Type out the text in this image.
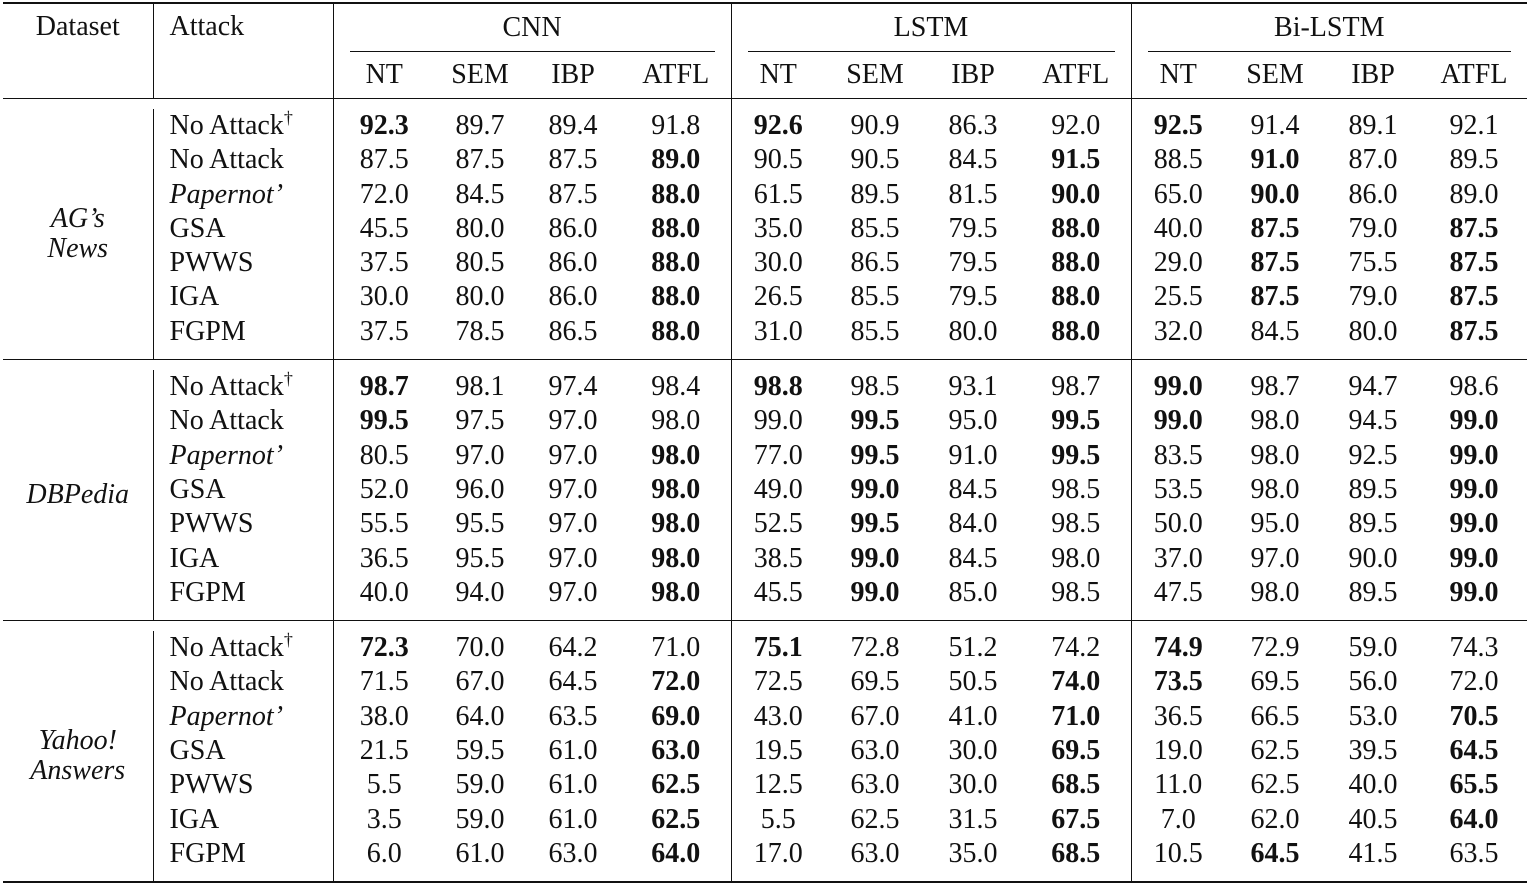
Dataset	Attack	CNN				LSTM				Bi-LSTM			

		NT	SEM	IBP	ATFL	NT	SEM	IBP	ATFL	NT	SEM	IBP	ATFL

AG’s
News	No Attack†	92.3	89.7	89.4	91.8	92.6	90.9	86.3	92.0	92.5	91.4	89.1	92.1
	No Attack	87.5	87.5	87.5	89.0	90.5	90.5	84.5	91.5	88.5	91.0	87.0	89.5
	Papernot’	72.0	84.5	87.5	88.0	61.5	89.5	81.5	90.0	65.0	90.0	86.0	89.0
	GSA	45.5	80.0	86.0	88.0	35.0	85.5	79.5	88.0	40.0	87.5	79.0	87.5
	PWWS	37.5	80.5	86.0	88.0	30.0	86.5	79.5	88.0	29.0	87.5	75.5	87.5
	IGA	30.0	80.0	86.0	88.0	26.5	85.5	79.5	88.0	25.5	87.5	79.0	87.5
	FGPM	37.5	78.5	86.5	88.0	31.0	85.5	80.0	88.0	32.0	84.5	80.0	87.5

DBPedia	No Attack†	98.7	98.1	97.4	98.4	98.8	98.5	93.1	98.7	99.0	98.7	94.7	98.6
	No Attack	99.5	97.5	97.0	98.0	99.0	99.5	95.0	99.5	99.0	98.0	94.5	99.0
	Papernot’	80.5	97.0	97.0	98.0	77.0	99.5	91.0	99.5	83.5	98.0	92.5	99.0
	GSA	52.0	96.0	97.0	98.0	49.0	99.0	84.5	98.5	53.5	98.0	89.5	99.0
	PWWS	55.5	95.5	97.0	98.0	52.5	99.5	84.0	98.5	50.0	95.0	89.5	99.0
	IGA	36.5	95.5	97.0	98.0	38.5	99.0	84.5	98.0	37.0	97.0	90.0	99.0
	FGPM	40.0	94.0	97.0	98.0	45.5	99.0	85.0	98.5	47.5	98.0	89.5	99.0

Yahoo!
Answers	No Attack†	72.3	70.0	64.2	71.0	75.1	72.8	51.2	74.2	74.9	72.9	59.0	74.3
	No Attack	71.5	67.0	64.5	72.0	72.5	69.5	50.5	74.0	73.5	69.5	56.0	72.0
	Papernot’	38.0	64.0	63.5	69.0	43.0	67.0	41.0	71.0	36.5	66.5	53.0	70.5
	GSA	21.5	59.5	61.0	63.0	19.5	63.0	30.0	69.5	19.0	62.5	39.5	64.5
	PWWS	5.5	59.0	61.0	62.5	12.5	63.0	30.0	68.5	11.0	62.5	40.0	65.5
	IGA	3.5	59.0	61.0	62.5	5.5	62.5	31.5	67.5	7.0	62.0	40.5	64.0
	FGPM	6.0	61.0	63.0	64.0	17.0	63.0	35.0	68.5	10.5	64.5	41.5	63.5
